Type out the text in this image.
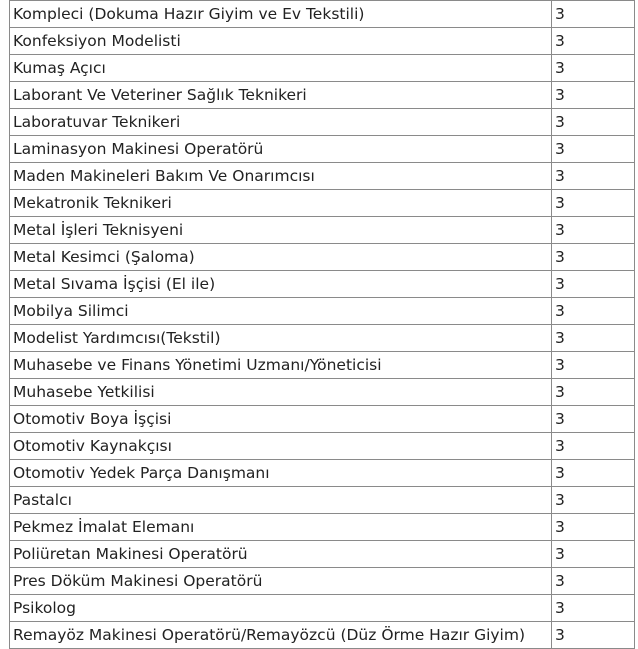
Kompleci (Dokuma Hazır Giyim ve Ev Tekstili)	3
Konfeksiyon Modelisti	3
Kumaş Açıcı	3
Laborant Ve Veteriner Sağlık Teknikeri	3
Laboratuvar Teknikeri	3
Laminasyon Makinesi Operatörü	3
Maden Makineleri Bakım Ve Onarımcısı	3
Mekatronik Teknikeri	3
Metal İşleri Teknisyeni	3
Metal Kesimci (Şaloma)	3
Metal Sıvama İşçisi (El ile)	3
Mobilya Silimci	3
Modelist Yardımcısı(Tekstil)	3
Muhasebe ve Finans Yönetimi Uzmanı/Yöneticisi	3
Muhasebe Yetkilisi	3
Otomotiv Boya İşçisi	3
Otomotiv Kaynakçısı	3
Otomotiv Yedek Parça Danışmanı	3
Pastalcı	3
Pekmez İmalat Elemanı	3
Poliüretan Makinesi Operatörü	3
Pres Döküm Makinesi Operatörü	3
Psikolog	3
Remayöz Makinesi Operatörü/Remayözcü (Düz Örme Hazır Giyim)	3
